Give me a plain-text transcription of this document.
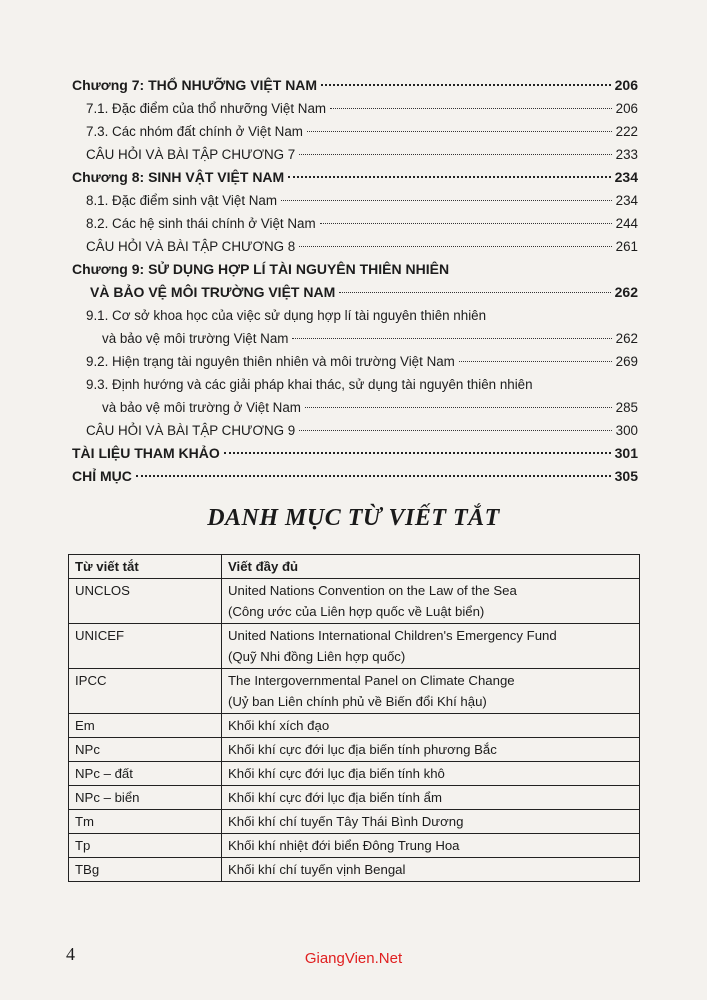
Chương 7: THỔ NHƯỠNG VIỆT NAM	206
7.1. Đặc điểm của thổ nhưỡng Việt Nam	206
7.3. Các nhóm đất chính ở Việt Nam	222
CÂU HỎI VÀ BÀI TẬP CHƯƠNG 7	233
Chương 8: SINH VẬT VIỆT NAM	234
8.1. Đặc điểm sinh vật Việt Nam	234
8.2. Các hệ sinh thái chính ở Việt Nam	244
CÂU HỎI VÀ BÀI TẬP CHƯƠNG 8	261
Chương 9: SỬ DỤNG HỢP LÍ TÀI NGUYÊN THIÊN NHIÊN
VÀ BẢO VỆ MÔI TRƯỜNG VIỆT NAM	262
9.1. Cơ sở khoa học của việc sử dụng hợp lí tài nguyên thiên nhiên
và bảo vệ môi trường Việt Nam	262
9.2. Hiện trạng tài nguyên thiên nhiên và môi trường Việt Nam	269
9.3. Định hướng và các giải pháp khai thác, sử dụng tài nguyên thiên nhiên
và bảo vệ môi trường ở Việt Nam	285
CÂU HỎI VÀ BÀI TẬP CHƯƠNG 9	300
TÀI LIỆU THAM KHẢO	301
CHỈ MỤC	305
DANH MỤC TỪ VIẾT TẮT
Từ viết tắt	Viết đầy đủ
UNCLOS	United Nations Convention on the Law of the Sea
(Công ước của Liên hợp quốc về Luật biển)

UNICEF	United Nations International Children's Emergency Fund
(Quỹ Nhi đồng Liên hợp quốc)

IPCC	The Intergovernmental Panel on Climate Change
(Uỷ ban Liên chính phủ về Biến đổi Khí hậu)

Em	Khối khí xích đạo
NPc	Khối khí cực đới lục địa biến tính phương Bắc
NPc – đất	Khối khí cực đới lục địa biến tính khô
NPc – biển	Khối khí cực đới lục địa biến tính ẩm
Tm	Khối khí chí tuyến Tây Thái Bình Dương
Tp	Khối khí nhiệt đới biển Đông Trung Hoa
TBg	Khối khí chí tuyến vịnh Bengal
4	GiangVien.Net
